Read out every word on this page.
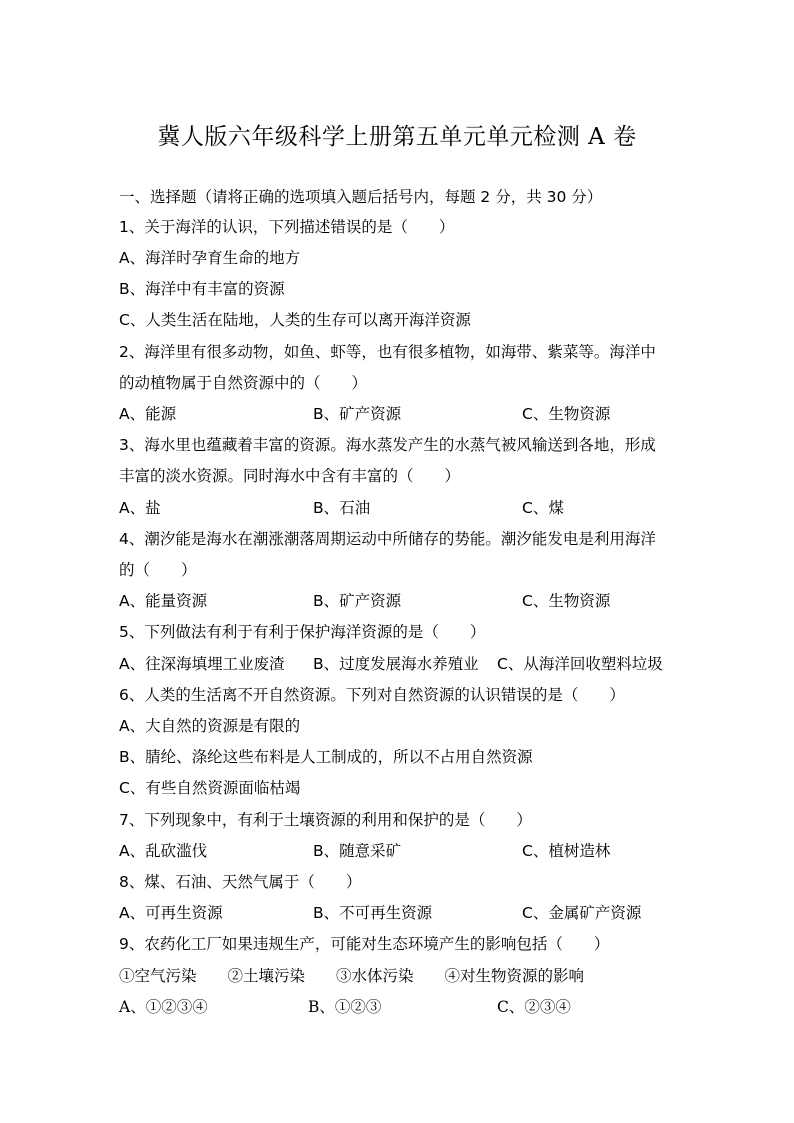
冀人版六年级科学上册第五单元单元检测 A 卷
一、选择题（请将正确的选项填入题后括号内，每题 2 分，共 30 分）
1、关于海洋的认识，下列描述错误的是（　　）
A、海洋时孕育生命的地方
B、海洋中有丰富的资源
C、人类生活在陆地，人类的生存可以离开海洋资源
2、海洋里有很多动物，如鱼、虾等，也有很多植物，如海带、紫菜等。海洋中
的动植物属于自然资源中的（　　）
A、能源	B、矿产资源	C、生物资源
3、海水里也蕴藏着丰富的资源。海水蒸发产生的水蒸气被风输送到各地，形成
丰富的淡水资源。同时海水中含有丰富的（　　）
A、盐	B、石油	C、煤
4、潮汐能是海水在潮涨潮落周期运动中所储存的势能。潮汐能发电是利用海洋
的（　　）
A、能量资源	B、矿产资源	C、生物资源
5、下列做法有利于有利于保护海洋资源的是（　　）
A、往深海填埋工业废渣 B、过度发展海水养殖业 C、从海洋回收塑料垃圾
6、人类的生活离不开自然资源。下列对自然资源的认识错误的是（　　）
A、大自然的资源是有限的
B、腈纶、涤纶这些布料是人工制成的，所以不占用自然资源
C、有些自然资源面临枯竭
7、下列现象中，有利于土壤资源的利用和保护的是（　　）
A、乱砍滥伐	B、随意采矿	C、植树造林
8、煤、石油、天然气属于（　　）
A、可再生资源	B、不可再生资源	C、金属矿产资源
9、农药化工厂如果违规生产，可能对生态环境产生的影响包括（　　）
①空气污染　　②土壤污染　　③水体污染　　④对生物资源的影响
A、①②③④	B、①②③	C、②③④
